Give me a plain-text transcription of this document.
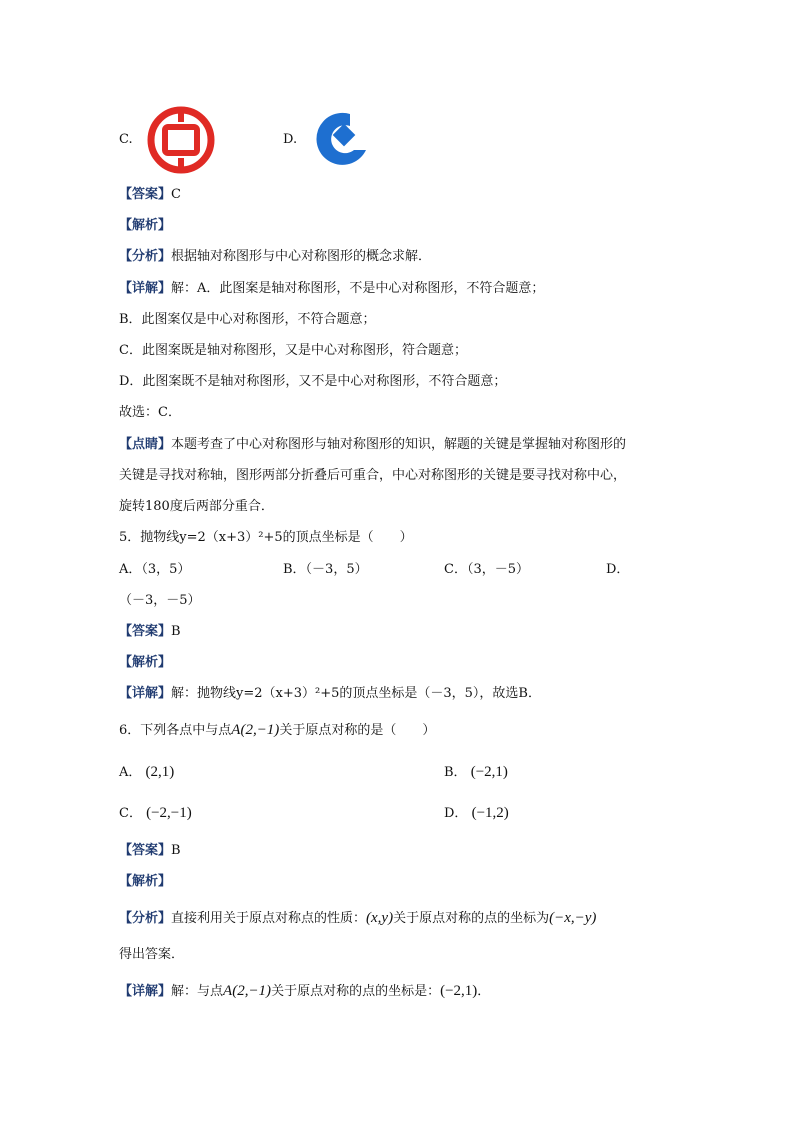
C.	D.
【答案】C
【解析】
【分析】根据轴对称图形与中心对称图形的概念求解．
【详解】解：A．此图案是轴对称图形，不是中心对称图形，不符合题意；
B．此图案仅是中心对称图形，不符合题意；
C．此图案既是轴对称图形，又是中心对称图形，符合题意；
D．此图案既不是轴对称图形，又不是中心对称图形，不符合题意；
故选：C．
【点睛】本题考查了中心对称图形与轴对称图形的知识，解题的关键是掌握轴对称图形的
关键是寻找对称轴，图形两部分折叠后可重合，中心对称图形的关键是要寻找对称中心，
旋转180度后两部分重合．
5．抛物线y=2（x+3）²+5的顶点坐标是（　　）
A．（3，5）	B．（－3，5）	C．（3，－5）	D．
（－3，－5）
【答案】B
【解析】
【详解】解：抛物线y=2（x+3）²+5的顶点坐标是（－3，5），故选B．
6．下列各点中与点A(2,−1)关于原点对称的是（　　）
A． (2,1)	B． (−2,1)
C． (−2,−1)	D． (−1,2)
【答案】B
【解析】
【分析】直接利用关于原点对称点的性质：(x,y)关于原点对称的点的坐标为(−x,−y)
得出答案．
【详解】解：与点A(2,−1)关于原点对称的点的坐标是：(−2,1)．
